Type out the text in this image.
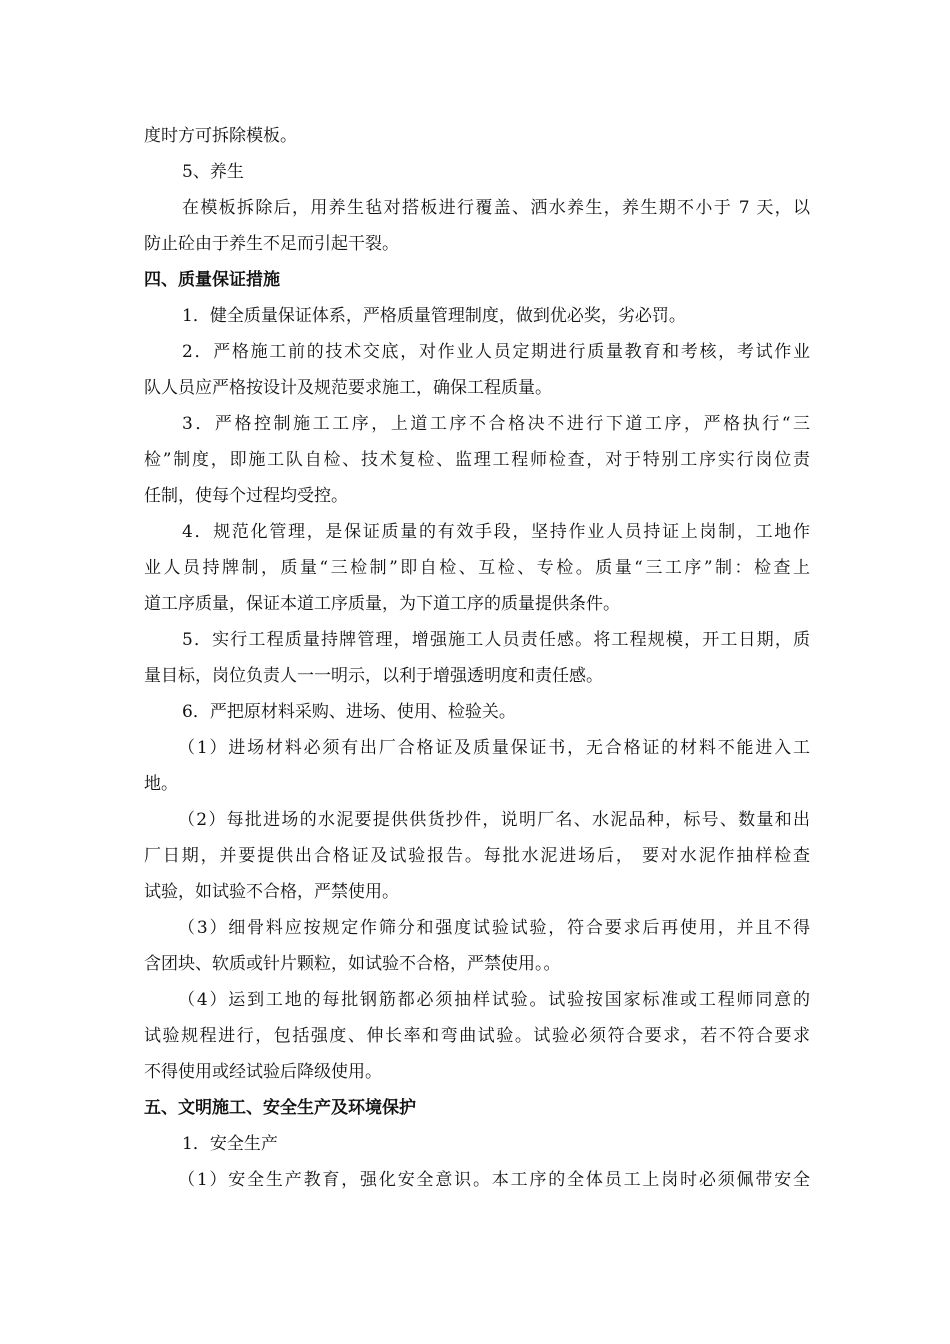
度时方可拆除模板。
5、养生
在模板拆除后，用养生毡对搭板进行覆盖、洒水养生，养生期不小于 7 天，以
防止砼由于养生不足而引起干裂。
四、质量保证措施
1．健全质量保证体系，严格质量管理制度，做到优必奖，劣必罚。
2．严格施工前的技术交底，对作业人员定期进行质量教育和考核，考试作业
队人员应严格按设计及规范要求施工，确保工程质量。
3．严格控制施工工序，上道工序不合格决不进行下道工序，严格执行“三
检”制度，即施工队自检、技术复检、监理工程师检查，对于特别工序实行岗位责
任制，使每个过程均受控。
4．规范化管理，是保证质量的有效手段，坚持作业人员持证上岗制，工地作
业人员持牌制，质量“三检制”即自检、互检、专检。质量“三工序”制：检查上
道工序质量，保证本道工序质量，为下道工序的质量提供条件。
5．实行工程质量持牌管理，增强施工人员责任感。将工程规模，开工日期，质
量目标，岗位负责人一一明示，以利于增强透明度和责任感。
6．严把原材料采购、进场、使用、检验关。
（1）进场材料必须有出厂合格证及质量保证书，无合格证的材料不能进入工
地。
（2）每批进场的水泥要提供供货抄件，说明厂名、水泥品种，标号、数量和出
厂日期，并要提供出合格证及试验报告。每批水泥进场后， 要对水泥作抽样检查
试验，如试验不合格，严禁使用。
（3）细骨料应按规定作筛分和强度试验试验，符合要求后再使用，并且不得
含团块、软质或针片颗粒，如试验不合格，严禁使用。。
（4）运到工地的每批钢筋都必须抽样试验。试验按国家标准或工程师同意的
试验规程进行，包括强度、伸长率和弯曲试验。试验必须符合要求，若不符合要求
不得使用或经试验后降级使用。
五、文明施工、安全生产及环境保护
1．安全生产
（1）安全生产教育，强化安全意识。本工序的全体员工上岗时必须佩带安全
